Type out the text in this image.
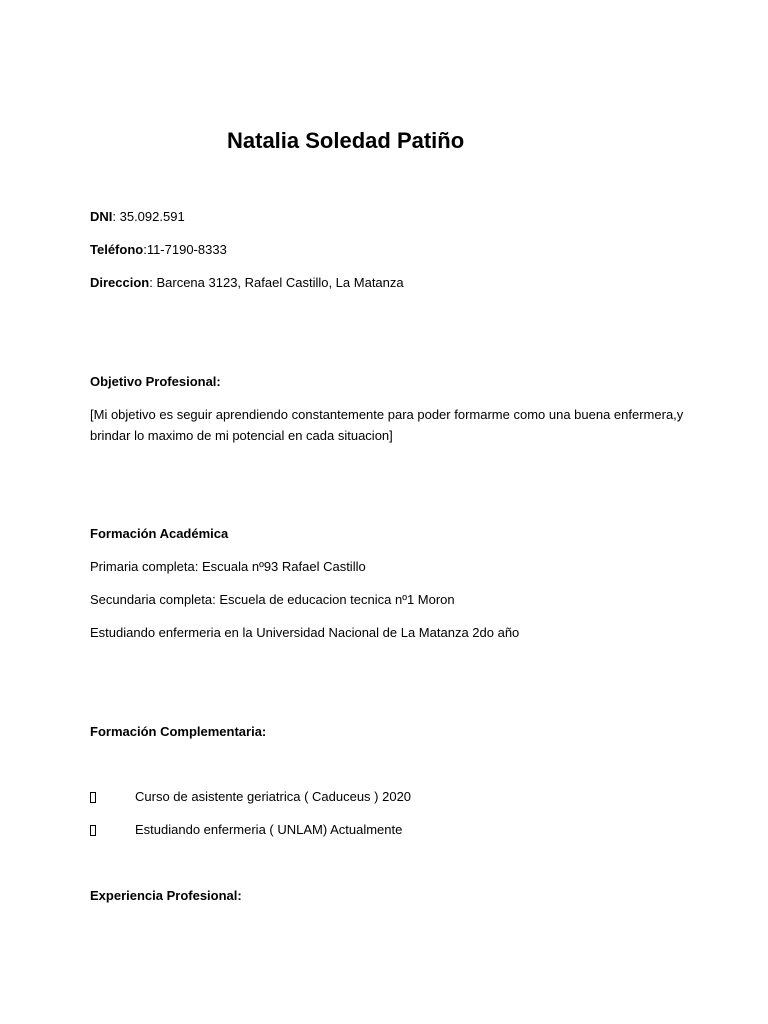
Natalia Soledad Patiño
DNI: 35.092.591
Teléfono:11-7190-8333
Direccion: Barcena 3123, Rafael Castillo, La Matanza
Objetivo Profesional:
[Mi objetivo es seguir aprendiendo constantemente para poder formarme como una buena enfermera,y
brindar lo maximo de mi potencial en cada situacion]
Formación Académica
Primaria completa: Escuala nº93 Rafael Castillo
Secundaria completa: Escuela de educacion tecnica nº1 Moron
Estudiando enfermeria en la Universidad Nacional de La Matanza 2do año
Formación Complementaria:
Curso de asistente geriatrica ( Caduceus ) 2020
Estudiando enfermeria ( UNLAM) Actualmente
Experiencia Profesional:
